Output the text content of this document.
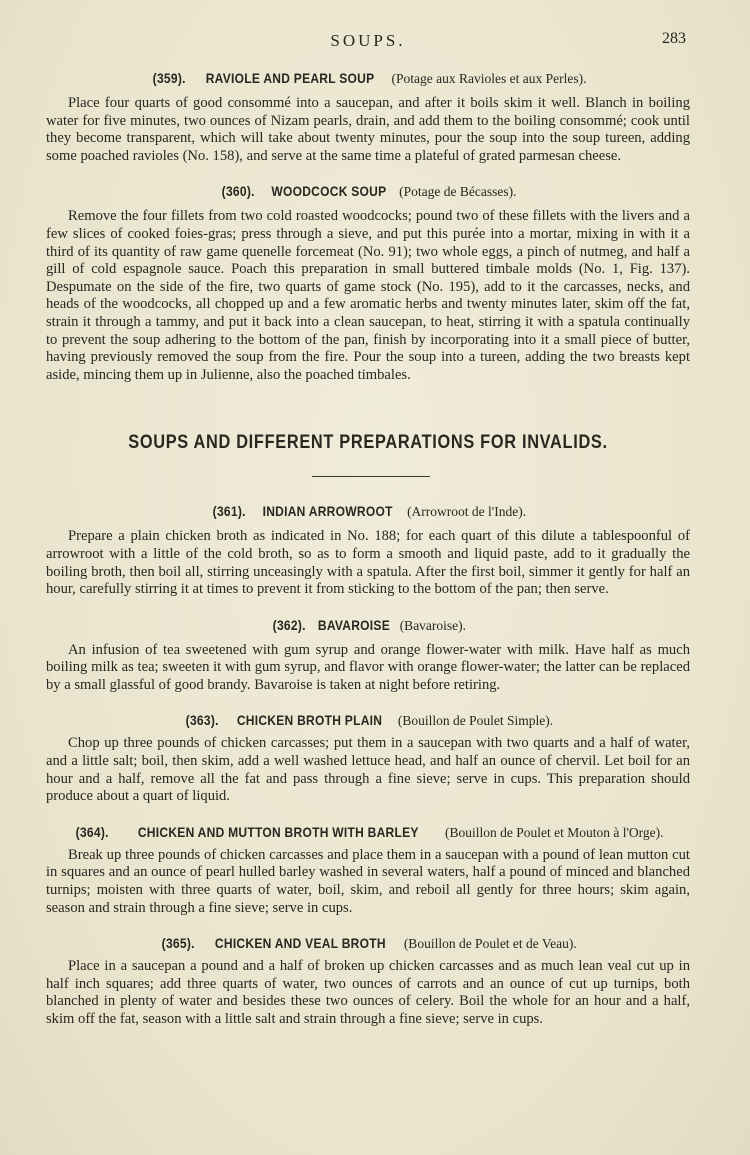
SOUPS.	283
(359). RAVIOLE AND PEARL SOUP (Potage aux Ravioles et aux Perles).

Place four quarts of good consommé into a saucepan, and after it boils skim it well. Blanch in boiling water for five minutes, two ounces of Nizam pearls, drain, and add them to the boiling consommé; cook until they become transparent, which will take about twenty minutes, pour the soup into the soup tureen, adding some poached ravioles (No. 158), and serve at the same time a plateful of grated parmesan cheese.

(360). WOODCOCK SOUP (Potage de Bécasses).

Remove the four fillets from two cold roasted woodcocks; pound two of these fillets with the livers and a few slices of cooked foies-gras; press through a sieve, and put this purée into a mortar, mixing in with it a third of its quantity of raw game quenelle forcemeat (No. 91); two whole eggs, a pinch of nutmeg, and half a gill of cold espagnole sauce. Poach this preparation in small buttered timbale molds (No. 1, Fig. 137). Despumate on the side of the fire, two quarts of game stock (No. 195), add to it the carcasses, necks, and heads of the woodcocks, all chopped up and a few aromatic herbs and twenty minutes later, skim off the fat, strain it through a tammy, and put it back into a clean saucepan, to heat, stirring it with a spatula continually to prevent the soup adhering to the bottom of the pan, finish by incorporating into it a small piece of butter, having previously removed the soup from the fire. Pour the soup into a tureen, adding the two breasts kept aside, mincing them up in Julienne, also the poached timbales.

SOUPS AND DIFFERENT PREPARATIONS FOR INVALIDS.
(361). INDIAN ARROWROOT (Arrowroot de l'Inde).

Prepare a plain chicken broth as indicated in No. 188; for each quart of this dilute a tablespoonful of arrowroot with a little of the cold broth, so as to form a smooth and liquid paste, add to it gradually the boiling broth, then boil all, stirring unceasingly with a spatula. After the first boil, simmer it gently for half an hour, carefully stirring it at times to prevent it from sticking to the bottom of the pan; then serve.

(362). BAVAROISE (Bavaroise).

An infusion of tea sweetened with gum syrup and orange flower-water with milk. Have half as much boiling milk as tea; sweeten it with gum syrup, and flavor with orange flower-water; the latter can be replaced by a small glassful of good brandy. Bavaroise is taken at night before retiring.

(363). CHICKEN BROTH PLAIN (Bouillon de Poulet Simple).

Chop up three pounds of chicken carcasses; put them in a saucepan with two quarts and a half of water, and a little salt; boil, then skim, add a well washed lettuce head, and half an ounce of chervil. Let boil for an hour and a half, remove all the fat and pass through a fine sieve; serve in cups. This preparation should produce about a quart of liquid.

(364). CHICKEN AND MUTTON BROTH WITH BARLEY (Bouillon de Poulet et Mouton à l'Orge).

Break up three pounds of chicken carcasses and place them in a saucepan with a pound of lean mutton cut in squares and an ounce of pearl hulled barley washed in several waters, half a pound of minced and blanched turnips; moisten with three quarts of water, boil, skim, and reboil all gently for three hours; skim again, season and strain through a fine sieve; serve in cups.

(365). CHICKEN AND VEAL BROTH (Bouillon de Poulet et de Veau).

Place in a saucepan a pound and a half of broken up chicken carcasses and as much lean veal cut up in half inch squares; add three quarts of water, two ounces of carrots and an ounce of cut up turnips, both blanched in plenty of water and besides these two ounces of celery. Boil the whole for an hour and a half, skim off the fat, season with a little salt and strain through a fine sieve; serve in cups.
